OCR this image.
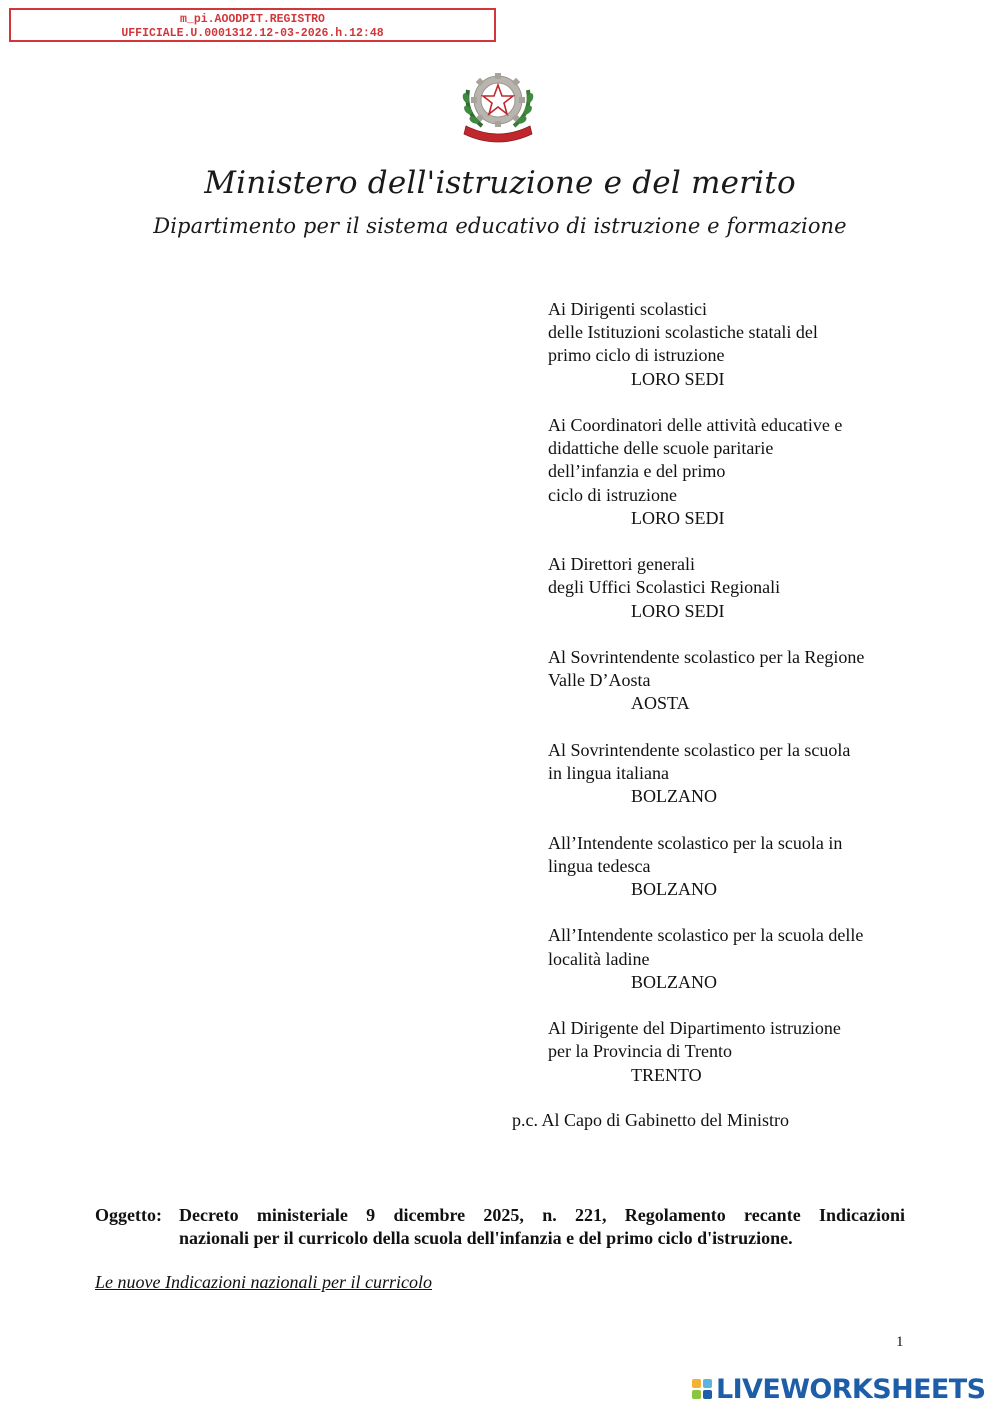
m_pi.AOODPIT.REGISTRO
UFFICIALE.U.0001312.12-03-2026.h.12:48
Ministero dell'istruzione e del merito
Dipartimento per il sistema educativo di istruzione e formazione
Ai Dirigenti scolastici
delle Istituzioni scolastiche statali del
primo ciclo di istruzione
LORO SEDI
Ai Coordinatori delle attività educative e
didattiche delle scuole paritarie
dell’infanzia e del primo
ciclo di istruzione
LORO SEDI
Ai Direttori generali
degli Uffici Scolastici Regionali
LORO SEDI
Al Sovrintendente scolastico per la Regione
Valle D’Aosta
AOSTA
Al Sovrintendente scolastico per la scuola
in lingua italiana
BOLZANO
All’Intendente scolastico per la scuola in
lingua tedesca
BOLZANO
All’Intendente scolastico per la scuola delle
località ladine
BOLZANO
Al Dirigente del Dipartimento istruzione
per la Provincia di Trento
TRENTO
p.c. Al Capo di Gabinetto del Ministro
Oggetto: Decreto ministeriale 9 dicembre 2025, n. 221, Regolamento recante Indicazioni
nazionali per il curricolo della scuola dell'infanzia e del primo ciclo d'istruzione.
Le nuove Indicazioni nazionali per il curricolo
1
LIVEWORKSHEETS
